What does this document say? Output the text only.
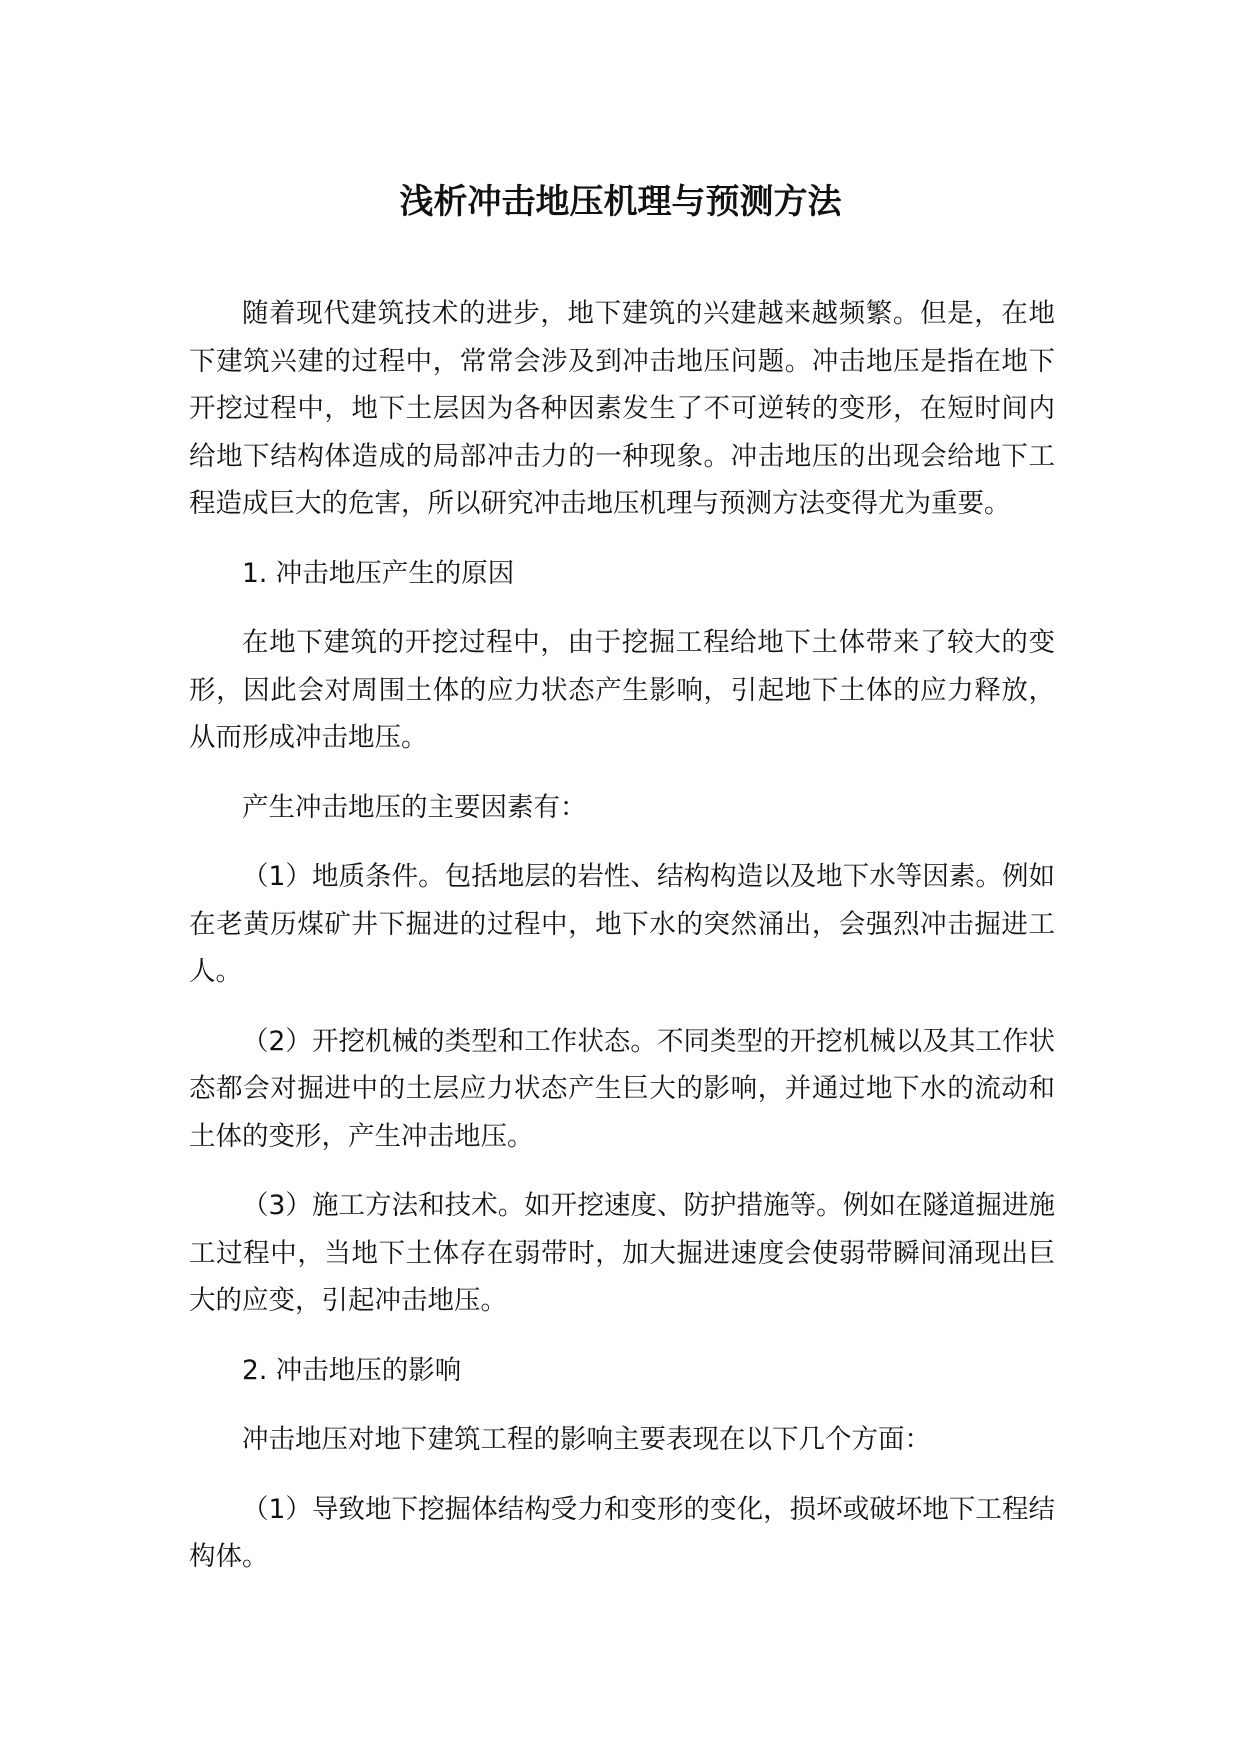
浅析冲击地压机理与预测方法

随着现代建筑技术的进步，地下建筑的兴建越来越频繁。但是，在地下建筑兴建的过程中，常常会涉及到冲击地压问题。冲击地压是指在地下开挖过程中，地下土层因为各种因素发生了不可逆转的变形，在短时间内给地下结构体造成的局部冲击力的一种现象。冲击地压的出现会给地下工程造成巨大的危害，所以研究冲击地压机理与预测方法变得尤为重要。

1. 冲击地压产生的原因

在地下建筑的开挖过程中，由于挖掘工程给地下土体带来了较大的变形，因此会对周围土体的应力状态产生影响，引起地下土体的应力释放，从而形成冲击地压。

产生冲击地压的主要因素有：

（1）地质条件。包括地层的岩性、结构构造以及地下水等因素。例如在老黄历煤矿井下掘进的过程中，地下水的突然涌出，会强烈冲击掘进工人。

（2）开挖机械的类型和工作状态。不同类型的开挖机械以及其工作状态都会对掘进中的土层应力状态产生巨大的影响，并通过地下水的流动和土体的变形，产生冲击地压。

（3）施工方法和技术。如开挖速度、防护措施等。例如在隧道掘进施工过程中，当地下土体存在弱带时，加大掘进速度会使弱带瞬间涌现出巨大的应变，引起冲击地压。

2. 冲击地压的影响

冲击地压对地下建筑工程的影响主要表现在以下几个方面：

（1）导致地下挖掘体结构受力和变形的变化，损坏或破坏地下工程结构体。
